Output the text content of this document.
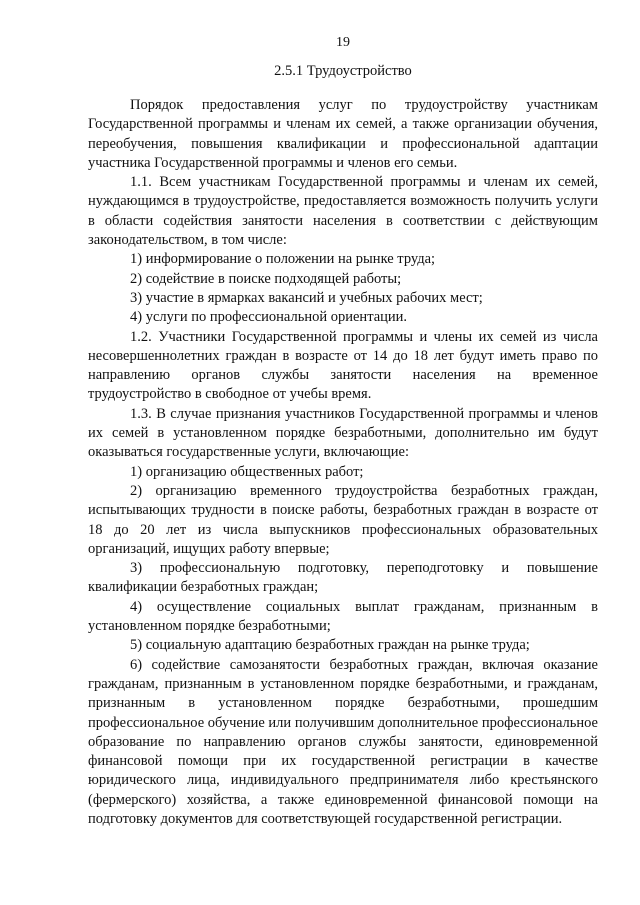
19
2.5.1 Трудоустройство

Порядок предоставления услуг по трудоустройству участникам Государственной программы и членам их семей, а также организации обучения, переобучения, повышения квалификации и профессиональной адаптации участника Государственной программы и членов его семьи.

1.1. Всем участникам Государственной программы и членам их семей, нуждающимся в трудоустройстве, предоставляется возможность получить услуги в области содействия занятости населения в соответствии с действующим законодательством, в том числе:

1) информирование о положении на рынке труда;

2) содействие в поиске подходящей работы;

3) участие в ярмарках вакансий и учебных рабочих мест;

4) услуги по профессиональной ориентации.

1.2. Участники Государственной программы и члены их семей из числа несовершеннолетних граждан в возрасте от 14 до 18 лет будут иметь право по направлению органов службы занятости населения на временное трудоустройство в свободное от учебы время.

1.3. В случае признания участников Государственной программы и членов их семей в установленном порядке безработными, дополнительно им будут оказываться государственные услуги, включающие:

1) организацию общественных работ;

2) организацию временного трудоустройства безработных граждан, испытывающих трудности в поиске работы, безработных граждан в возрасте от 18 до 20 лет из числа выпускников профессиональных образовательных организаций, ищущих работу впервые;

3) профессиональную подготовку, переподготовку и повышение квалификации безработных граждан;

4) осуществление социальных выплат гражданам, признанным в установленном порядке безработными;

5) социальную адаптацию безработных граждан на рынке труда;

6) содействие самозанятости безработных граждан, включая оказание гражданам, признанным в установленном порядке безработными, и гражданам, признанным в установленном порядке безработными, прошедшим профессиональное обучение или получившим дополнительное профессиональное образование по направлению органов службы занятости, единовременной финансовой помощи при их государственной регистрации в качестве юридического лица, индивидуального предпринимателя либо крестьянского (фермерского) хозяйства, а также единовременной финансовой помощи на подготовку документов для соответствующей государственной регистрации.
